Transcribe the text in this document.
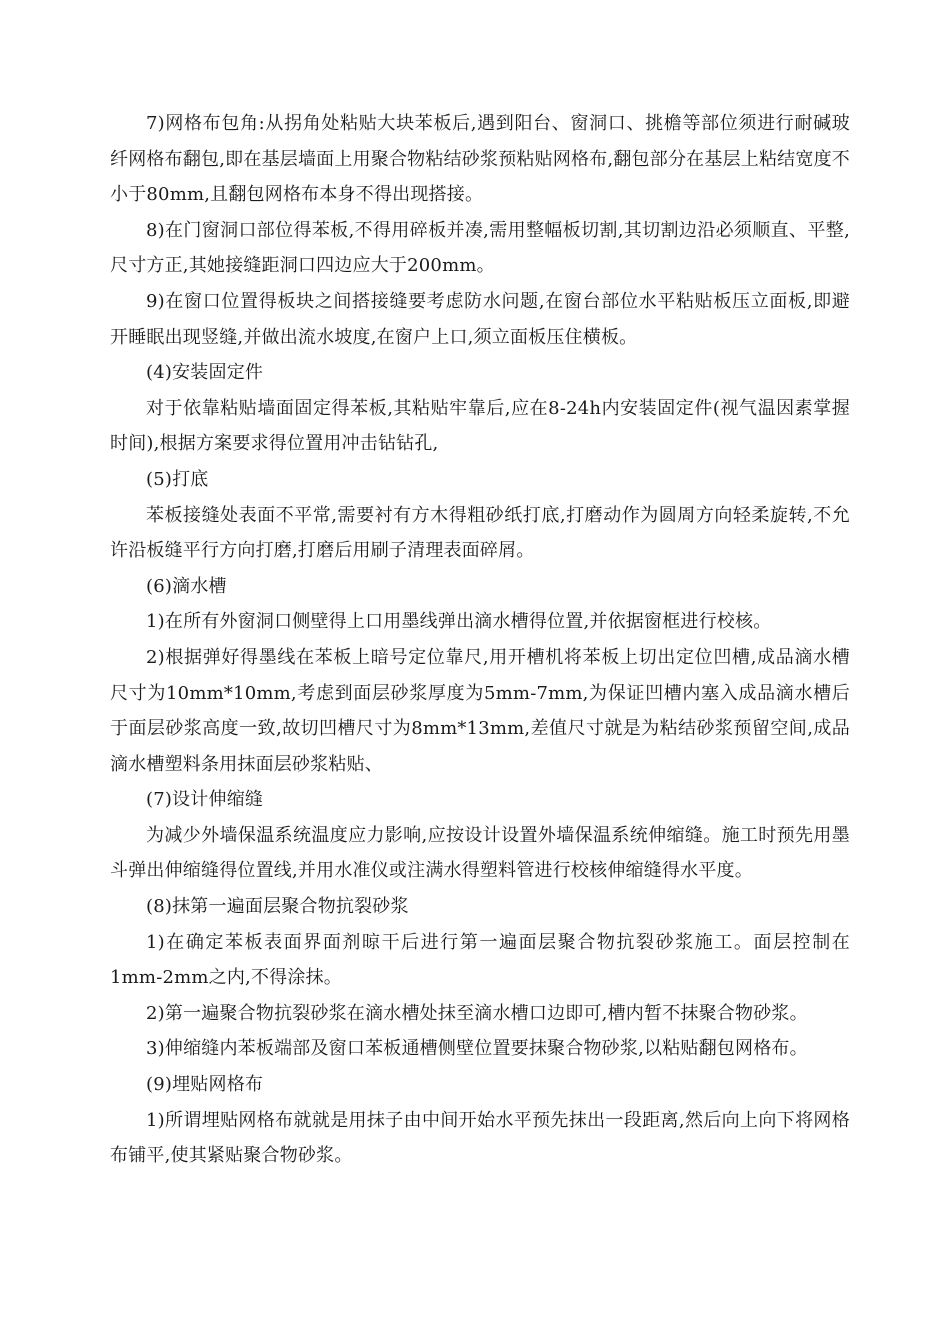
7)网格布包角:从拐角处粘贴大块苯板后,遇到阳台、窗洞口、挑檐等部位须进行耐碱玻纤网格布翻包,即在基层墙面上用聚合物粘结砂浆预粘贴网格布,翻包部分在基层上粘结宽度不小于80mm,且翻包网格布本身不得出现搭接。

8)在门窗洞口部位得苯板,不得用碎板并凑,需用整幅板切割,其切割边沿必须顺直、平整,尺寸方正,其她接缝距洞口四边应大于200mm。

9)在窗口位置得板块之间搭接缝要考虑防水问题,在窗台部位水平粘贴板压立面板,即避开睡眠出现竖缝,并做出流水坡度,在窗户上口,须立面板压住横板。

(4)安装固定件

对于依靠粘贴墙面固定得苯板,其粘贴牢靠后,应在8-24h内安装固定件(视气温因素掌握时间),根据方案要求得位置用冲击钻钻孔,

(5)打底

苯板接缝处表面不平常,需要衬有方木得粗砂纸打底,打磨动作为圆周方向轻柔旋转,不允许沿板缝平行方向打磨,打磨后用刷子清理表面碎屑。

(6)滴水槽

1)在所有外窗洞口侧壁得上口用墨线弹出滴水槽得位置,并依据窗框进行校核。

2)根据弹好得墨线在苯板上暗号定位靠尺,用开槽机将苯板上切出定位凹槽,成品滴水槽尺寸为10mm*10mm,考虑到面层砂浆厚度为5mm-7mm,为保证凹槽内塞入成品滴水槽后于面层砂浆高度一致,故切凹槽尺寸为8mm*13mm,差值尺寸就是为粘结砂浆预留空间,成品滴水槽塑料条用抹面层砂浆粘贴、

(7)设计伸缩缝

为减少外墙保温系统温度应力影响,应按设计设置外墙保温系统伸缩缝。施工时预先用墨斗弹出伸缩缝得位置线,并用水准仪或注满水得塑料管进行校核伸缩缝得水平度。

(8)抹第一遍面层聚合物抗裂砂浆

1)在确定苯板表面界面剂晾干后进行第一遍面层聚合物抗裂砂浆施工。面层控制在1mm-2mm之内,不得涂抹。

2)第一遍聚合物抗裂砂浆在滴水槽处抹至滴水槽口边即可,槽内暂不抹聚合物砂浆。

3)伸缩缝内苯板端部及窗口苯板通槽侧壁位置要抹聚合物砂浆,以粘贴翻包网格布。

(9)埋贴网格布

1)所谓埋贴网格布就就是用抹子由中间开始水平预先抹出一段距离,然后向上向下将网格布铺平,使其紧贴聚合物砂浆。
